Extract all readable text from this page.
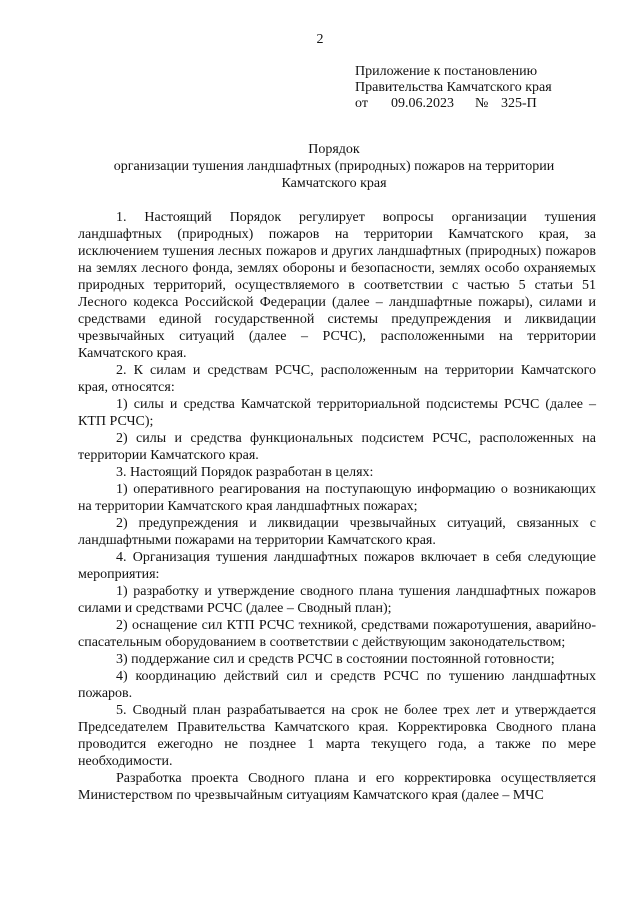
2
Приложение к постановлению
Правительства Камчатского края
от 09.06.2023 № 325-П
Порядок
организации тушения ландшафтных (природных) пожаров на территории
Камчатского края

1. Настоящий Порядок регулирует вопросы организации тушения ландшафтных (природных) пожаров на территории Камчатского края, за исключением тушения лесных пожаров и других ландшафтных (природных) пожаров на землях лесного фонда, землях обороны и безопасности, землях особо охраняемых природных территорий, осуществляемого в соответствии с частью 5 статьи 51 Лесного кодекса Российской Федерации (далее – ландшафтные пожары), силами и средствами единой государственной системы предупреждения и ликвидации чрезвычайных ситуаций (далее – РСЧС), расположенными на территории Камчатского края.

2. К силам и средствам РСЧС, расположенным на территории Камчатского края, относятся:

1) силы и средства Камчатской территориальной подсистемы РСЧС (далее – КТП РСЧС);

2) силы и средства функциональных подсистем РСЧС, расположенных на территории Камчатского края.

3. Настоящий Порядок разработан в целях:

1) оперативного реагирования на поступающую информацию о возникающих на территории Камчатского края ландшафтных пожарах;

2) предупреждения и ликвидации чрезвычайных ситуаций, связанных с ландшафтными пожарами на территории Камчатского края.

4. Организация тушения ландшафтных пожаров включает в себя следующие мероприятия:

1) разработку и утверждение сводного плана тушения ландшафтных пожаров силами и средствами РСЧС (далее – Сводный план);

2) оснащение сил КТП РСЧС техникой, средствами пожаротушения, аварийно-спасательным оборудованием в соответствии с действующим законодательством;

3) поддержание сил и средств РСЧС в состоянии постоянной готовности;

4) координацию действий сил и средств РСЧС по тушению ландшафтных пожаров.

5. Сводный план разрабатывается на срок не более трех лет и утверждается Председателем Правительства Камчатского края. Корректировка Сводного плана проводится ежегодно не позднее 1 марта текущего года, а также по мере необходимости.

Разработка проекта Сводного плана и его корректировка осуществляется Министерством по чрезвычайным ситуациям Камчатского края (далее – МЧС
